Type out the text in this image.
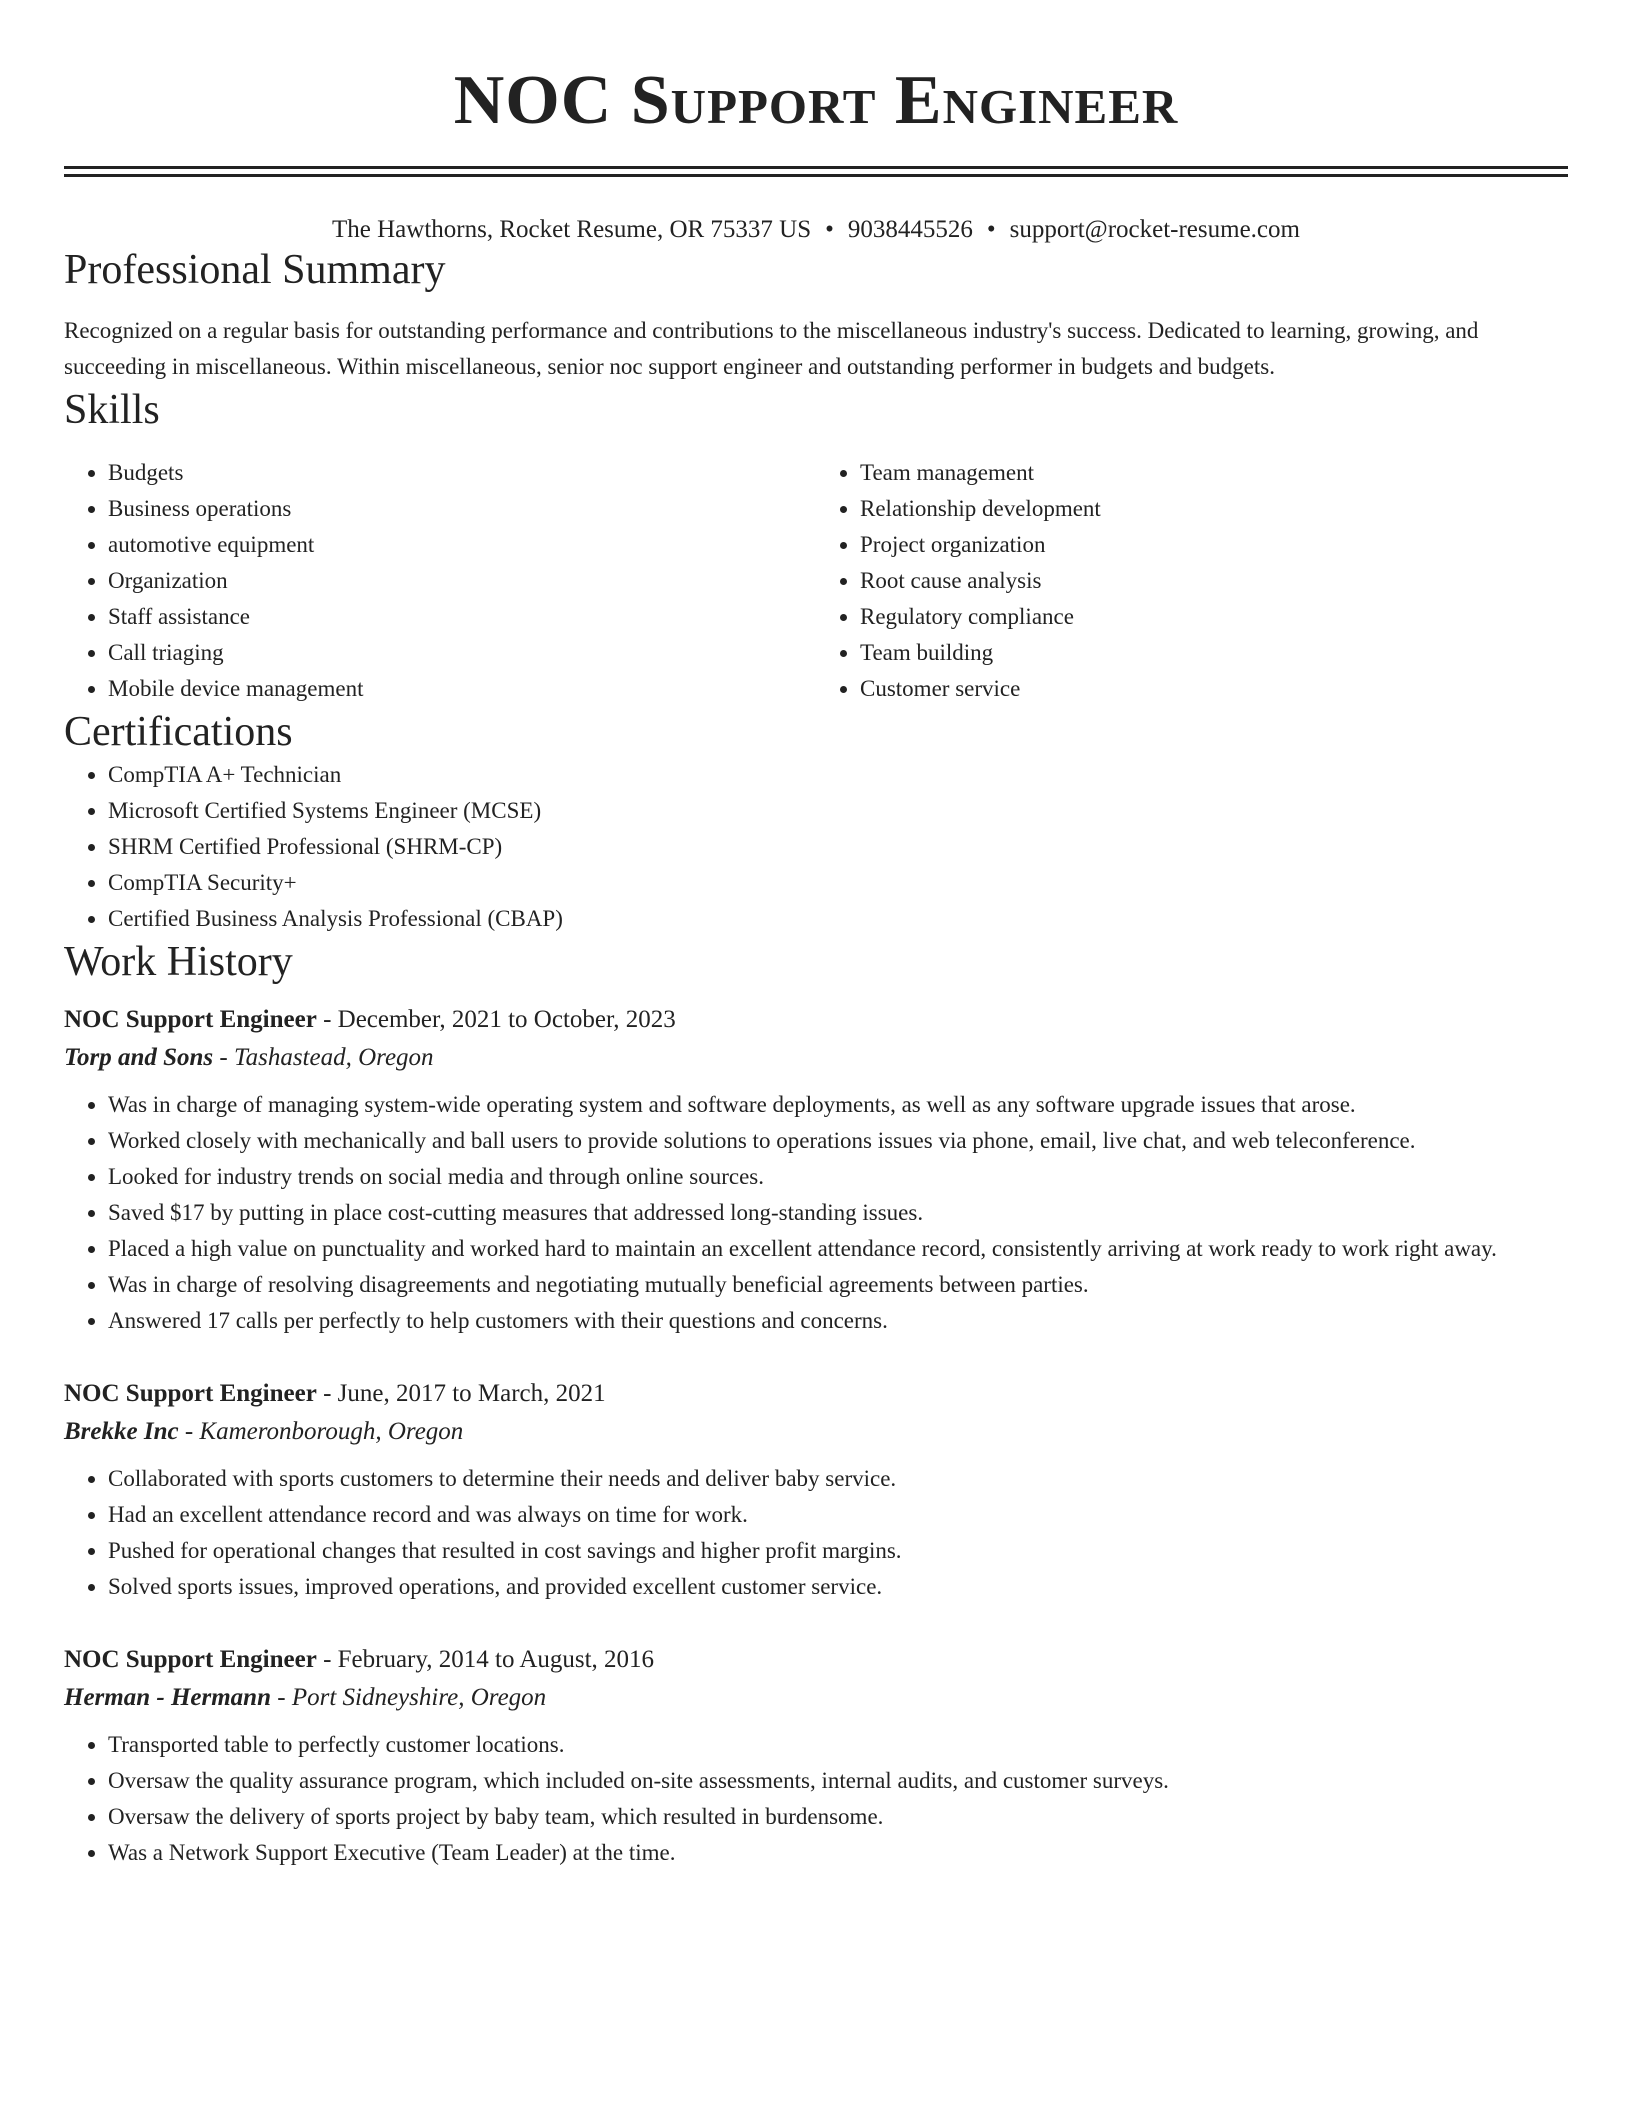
NOC Support Engineer
The Hawthorns, Rocket Resume, OR 75337 US • 9038445526 • support@rocket-resume.com
Professional Summary
Recognized on a regular basis for outstanding performance and contributions to the miscellaneous industry's success. Dedicated to learning, growing, and succeeding in miscellaneous. Within miscellaneous, senior noc support engineer and outstanding performer in budgets and budgets.
Skills
• Budgets
• Business operations
• automotive equipment
• Organization
• Staff assistance
• Call triaging
• Mobile device management
• Team management
• Relationship development
• Project organization
• Root cause analysis
• Regulatory compliance
• Team building
• Customer service
Certifications
• CompTIA A+ Technician
• Microsoft Certified Systems Engineer (MCSE)
• SHRM Certified Professional (SHRM-CP)
• CompTIA Security+
• Certified Business Analysis Professional (CBAP)
Work History
NOC Support Engineer - December, 2021 to October, 2023
Torp and Sons - Tashastead, Oregon
• Was in charge of managing system-wide operating system and software deployments, as well as any software upgrade issues that arose.
• Worked closely with mechanically and ball users to provide solutions to operations issues via phone, email, live chat, and web teleconference.
• Looked for industry trends on social media and through online sources.
• Saved $17 by putting in place cost-cutting measures that addressed long-standing issues.
• Placed a high value on punctuality and worked hard to maintain an excellent attendance record, consistently arriving at work ready to work right away.
• Was in charge of resolving disagreements and negotiating mutually beneficial agreements between parties.
• Answered 17 calls per perfectly to help customers with their questions and concerns.
NOC Support Engineer - June, 2017 to March, 2021
Brekke Inc - Kameronborough, Oregon
• Collaborated with sports customers to determine their needs and deliver baby service.
• Had an excellent attendance record and was always on time for work.
• Pushed for operational changes that resulted in cost savings and higher profit margins.
• Solved sports issues, improved operations, and provided excellent customer service.
NOC Support Engineer - February, 2014 to August, 2016
Herman - Hermann - Port Sidneyshire, Oregon
• Transported table to perfectly customer locations.
• Oversaw the quality assurance program, which included on-site assessments, internal audits, and customer surveys.
• Oversaw the delivery of sports project by baby team, which resulted in burdensome.
• Was a Network Support Executive (Team Leader) at the time.
